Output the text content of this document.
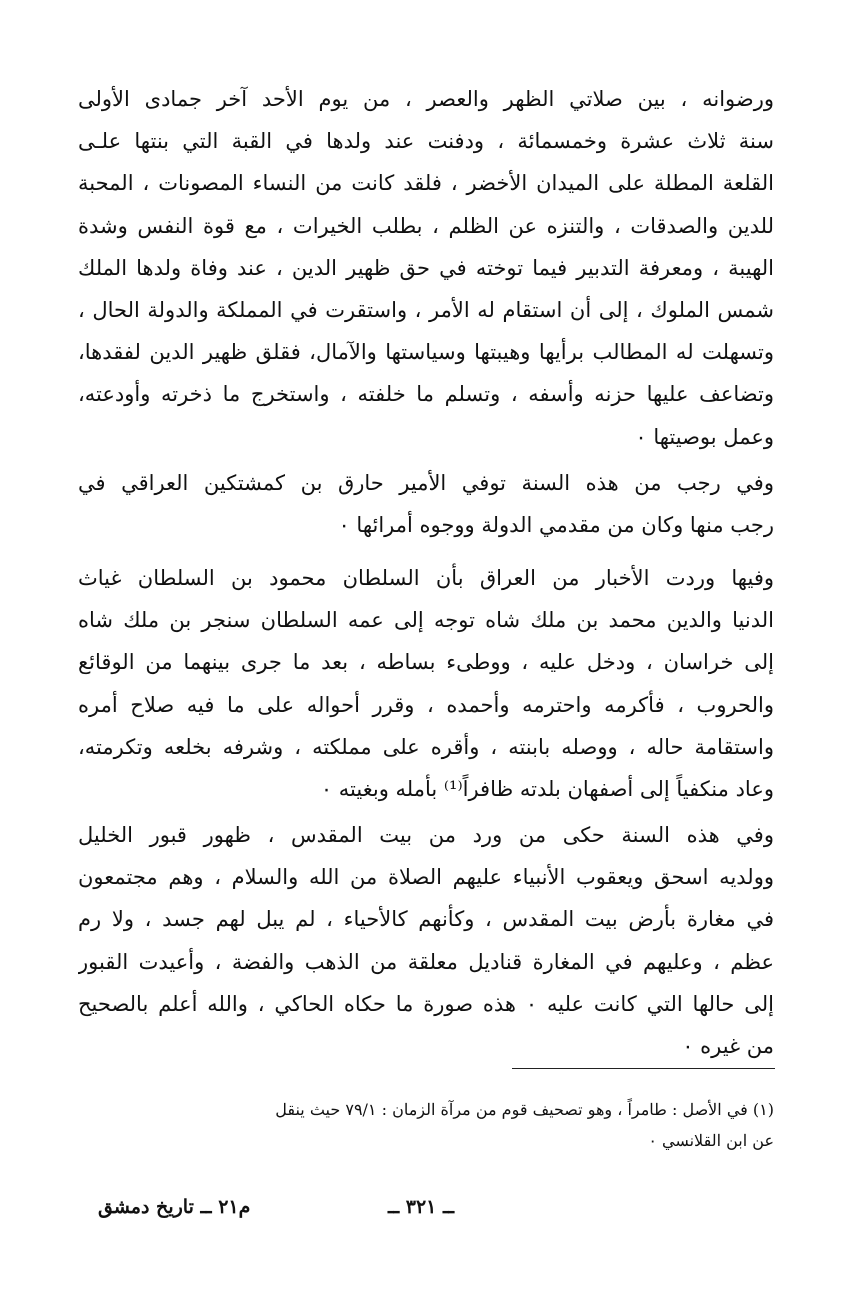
ورضوانه ، بين صلاتي الظهر والعصر ، من يوم الأحد آخر جمادى الأولى
سنة ثلاث عشرة وخمسمائة ، ودفنت عند ولدها في القبة التي بنتها علـى
القلعة المطلة على الميدان الأخضر ، فلقد كانت من النساء المصونات ، المحبة
للدين والصدقات ، والتنزه عن الظلم ، بطلب الخيرات ، مع قوة النفس وشدة
الهيبة ، ومعرفة التدبير فيما توخته في حق ظهير الدين ، عند وفاة ولدها الملك
شمس الملوك ، إلى أن استقام له الأمر ، واستقرت في المملكة والدولة الحال ،
وتسهلت له المطالب برأيها وهيبتها وسياستها والآمال، فقلق ظهير الدين لفقدها،
وتضاعف عليها حزنه وأسفه ، وتسلم ما خلفته ، واستخرج ما ذخرته وأودعته،
وعمل بوصيتها ٠
وفي رجب من هذه السنة توفي الأمير حارق بن كمشتكين العراقي في
رجب منها وكان من مقدمي الدولة ووجوه أمرائها ٠
وفيها وردت الأخبار من العراق بأن السلطان محمود بن السلطان غياث
الدنيا والدين محمد بن ملك شاه توجه إلى عمه السلطان سنجر بن ملك شاه
إلى خراسان ، ودخل عليه ، ووطىء بساطه ، بعد ما جرى بينهما من الوقائع
والحروب ، فأكرمه واحترمه وأحمده ، وقرر أحواله على ما فيه صلاح أمره
واستقامة حاله ، ووصله بابنته ، وأقره على مملكته ، وشرفه بخلعه وتكرمته،
وعاد منكفياً إلى أصفهان بلدته ظافراً⁽¹⁾ بأمله وبغيته ٠
وفي هذه السنة حكى من ورد من بيت المقدس ، ظهور قبور الخليل
وولديه اسحق ويعقوب الأنبياء عليهم الصلاة من الله والسلام ، وهم مجتمعون
في مغارة بأرض بيت المقدس ، وكأنهم كالأحياء ، لم يبل لهم جسد ، ولا رم
عظم ، وعليهم في المغارة قناديل معلقة من الذهب والفضة ، وأعيدت القبور
إلى حالها التي كانت عليه ٠ هذه صورة ما حكاه الحاكي ، والله أعلم بالصحيح
من غيره ٠
(١) في الأصل : طامراً ، وهو تصحيف قوم من مرآة الزمان : ٧٩/١ حيث ينقل
عن ابن القلانسي ٠
ــ ٣٢١ ــ
م٢١ ــ تاريخ دمشق
